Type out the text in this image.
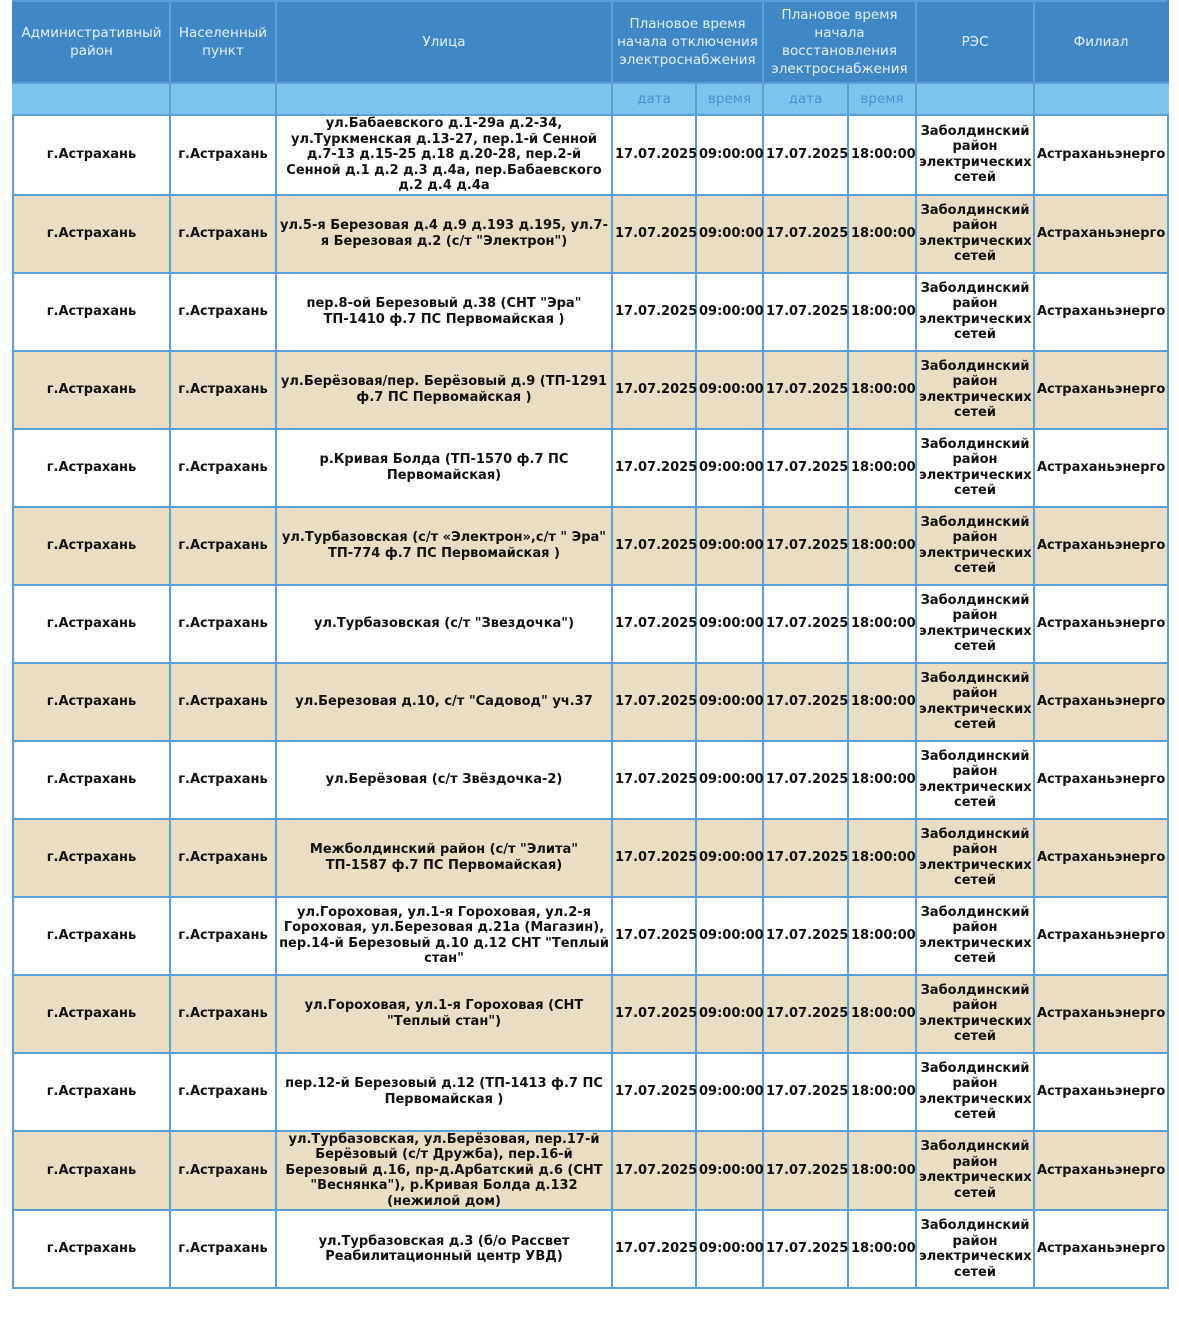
Административный район	Населенный пункт	Улица	Плановое время начала отключения электроснабжения		Плановое время начала восстановления электроснабжения		РЭС	Филиал
			дата	время	дата	время		
г.Астрахань	г.Астрахань	ул.Бабаевского д.1-29а д.2-34, ул.Туркменская д.13-27, пер.1-й Сенной д.7-13 д.15-25 д.18 д.20-28, пер.2-й Сенной д.1 д.2 д.3 д.4а, пер.Бабаевского д.2 д.4 д.4а	17.07.2025	09:00:00	17.07.2025	18:00:00	Заболдинский район электрических сетей	Астраханьэнерго
г.Астрахань	г.Астрахань	ул.5-я Березовая д.4 д.9 д.193 д.195, ул.7-я Березовая д.2 (с/т "Электрон")	17.07.2025	09:00:00	17.07.2025	18:00:00	Заболдинский район электрических сетей	Астраханьэнерго
г.Астрахань	г.Астрахань	пер.8-ой Березовый д.38 (СНТ "Эра" ТП-1410 ф.7 ПС Первомайская )	17.07.2025	09:00:00	17.07.2025	18:00:00	Заболдинский район электрических сетей	Астраханьэнерго
г.Астрахань	г.Астрахань	ул.Берёзовая/пер. Берёзовый д.9 (ТП-1291 ф.7 ПС Первомайская )	17.07.2025	09:00:00	17.07.2025	18:00:00	Заболдинский район электрических сетей	Астраханьэнерго
г.Астрахань	г.Астрахань	р.Кривая Болда (ТП-1570 ф.7 ПС Первомайская)	17.07.2025	09:00:00	17.07.2025	18:00:00	Заболдинский район электрических сетей	Астраханьэнерго
г.Астрахань	г.Астрахань	ул.Турбазовская (с/т «Электрон»,с/т " Эра" ТП-774 ф.7 ПС Первомайская )	17.07.2025	09:00:00	17.07.2025	18:00:00	Заболдинский район электрических сетей	Астраханьэнерго
г.Астрахань	г.Астрахань	ул.Турбазовская (с/т "Звездочка")	17.07.2025	09:00:00	17.07.2025	18:00:00	Заболдинский район электрических сетей	Астраханьэнерго
г.Астрахань	г.Астрахань	ул.Березовая д.10, с/т "Садовод" уч.37	17.07.2025	09:00:00	17.07.2025	18:00:00	Заболдинский район электрических сетей	Астраханьэнерго
г.Астрахань	г.Астрахань	ул.Берёзовая (с/т Звёздочка-2)	17.07.2025	09:00:00	17.07.2025	18:00:00	Заболдинский район электрических сетей	Астраханьэнерго
г.Астрахань	г.Астрахань	Межболдинский район (с/т "Элита" ТП-1587 ф.7 ПС Первомайская)	17.07.2025	09:00:00	17.07.2025	18:00:00	Заболдинский район электрических сетей	Астраханьэнерго
г.Астрахань	г.Астрахань	ул.Гороховая, ул.1-я Гороховая, ул.2-я Гороховая, ул.Березовая д.21а (Магазин), пер.14-й Березовый д.10 д.12 СНТ "Теплый стан"	17.07.2025	09:00:00	17.07.2025	18:00:00	Заболдинский район электрических сетей	Астраханьэнерго
г.Астрахань	г.Астрахань	ул.Гороховая, ул.1-я Гороховая (СНТ "Теплый стан")	17.07.2025	09:00:00	17.07.2025	18:00:00	Заболдинский район электрических сетей	Астраханьэнерго
г.Астрахань	г.Астрахань	пер.12-й Березовый д.12 (ТП-1413 ф.7 ПС Первомайская )	17.07.2025	09:00:00	17.07.2025	18:00:00	Заболдинский район электрических сетей	Астраханьэнерго
г.Астрахань	г.Астрахань	ул.Турбазовская, ул.Берёзовая, пер.17-й Берёзовый (с/т Дружба), пер.16-й Березовый д.16, пр-д.Арбатский д.6 (СНТ "Веснянка"), р.Кривая Болда д.132 (нежилой дом)	17.07.2025	09:00:00	17.07.2025	18:00:00	Заболдинский район электрических сетей	Астраханьэнерго
г.Астрахань	г.Астрахань	ул.Турбазовская д.3 (б/о Рассвет Реабилитационный центр УВД)	17.07.2025	09:00:00	17.07.2025	18:00:00	Заболдинский район электрических сетей	Астраханьэнерго
